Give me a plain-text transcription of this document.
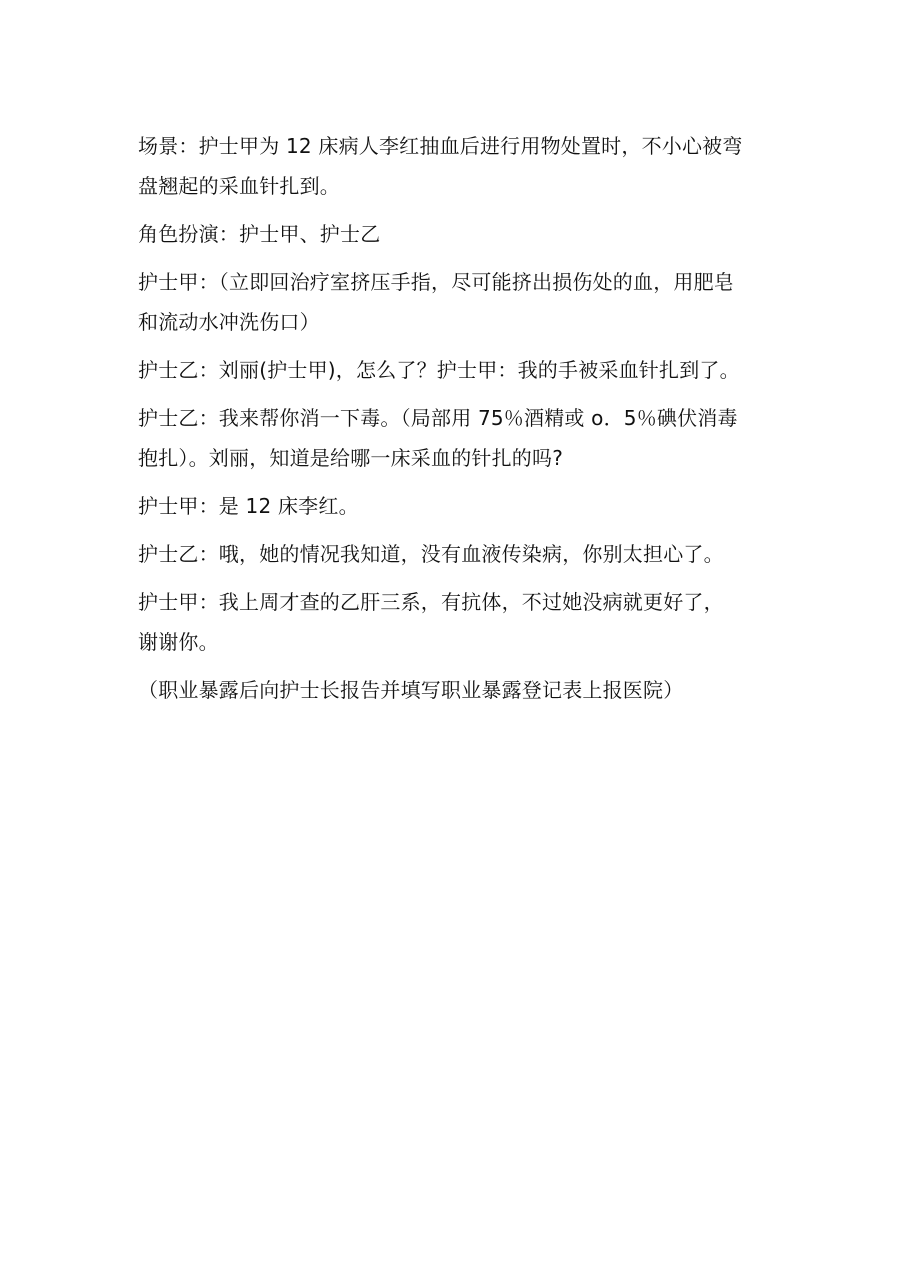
场景：护士甲为 12 床病人李红抽血后进行用物处置时，不小心被弯
盘翘起的采血针扎到。
角色扮演：护士甲、护士乙
护士甲：（立即回治疗室挤压手指，尽可能挤出损伤处的血，用肥皂
和流动水冲洗伤口）
护士乙：刘丽(护士甲)，怎么了？护士甲：我的手被采血针扎到了。
护士乙：我来帮你消一下毒。（局部用 75％酒精或 o．5％碘伏消毒
抱扎）。刘丽，知道是给哪一床采血的针扎的吗?
护士甲：是 12 床李红。
护士乙：哦，她的情况我知道，没有血液传染病，你别太担心了。
护士甲：我上周才查的乙肝三系，有抗体，不过她没病就更好了，
谢谢你。
（职业暴露后向护士长报告并填写职业暴露登记表上报医院）
